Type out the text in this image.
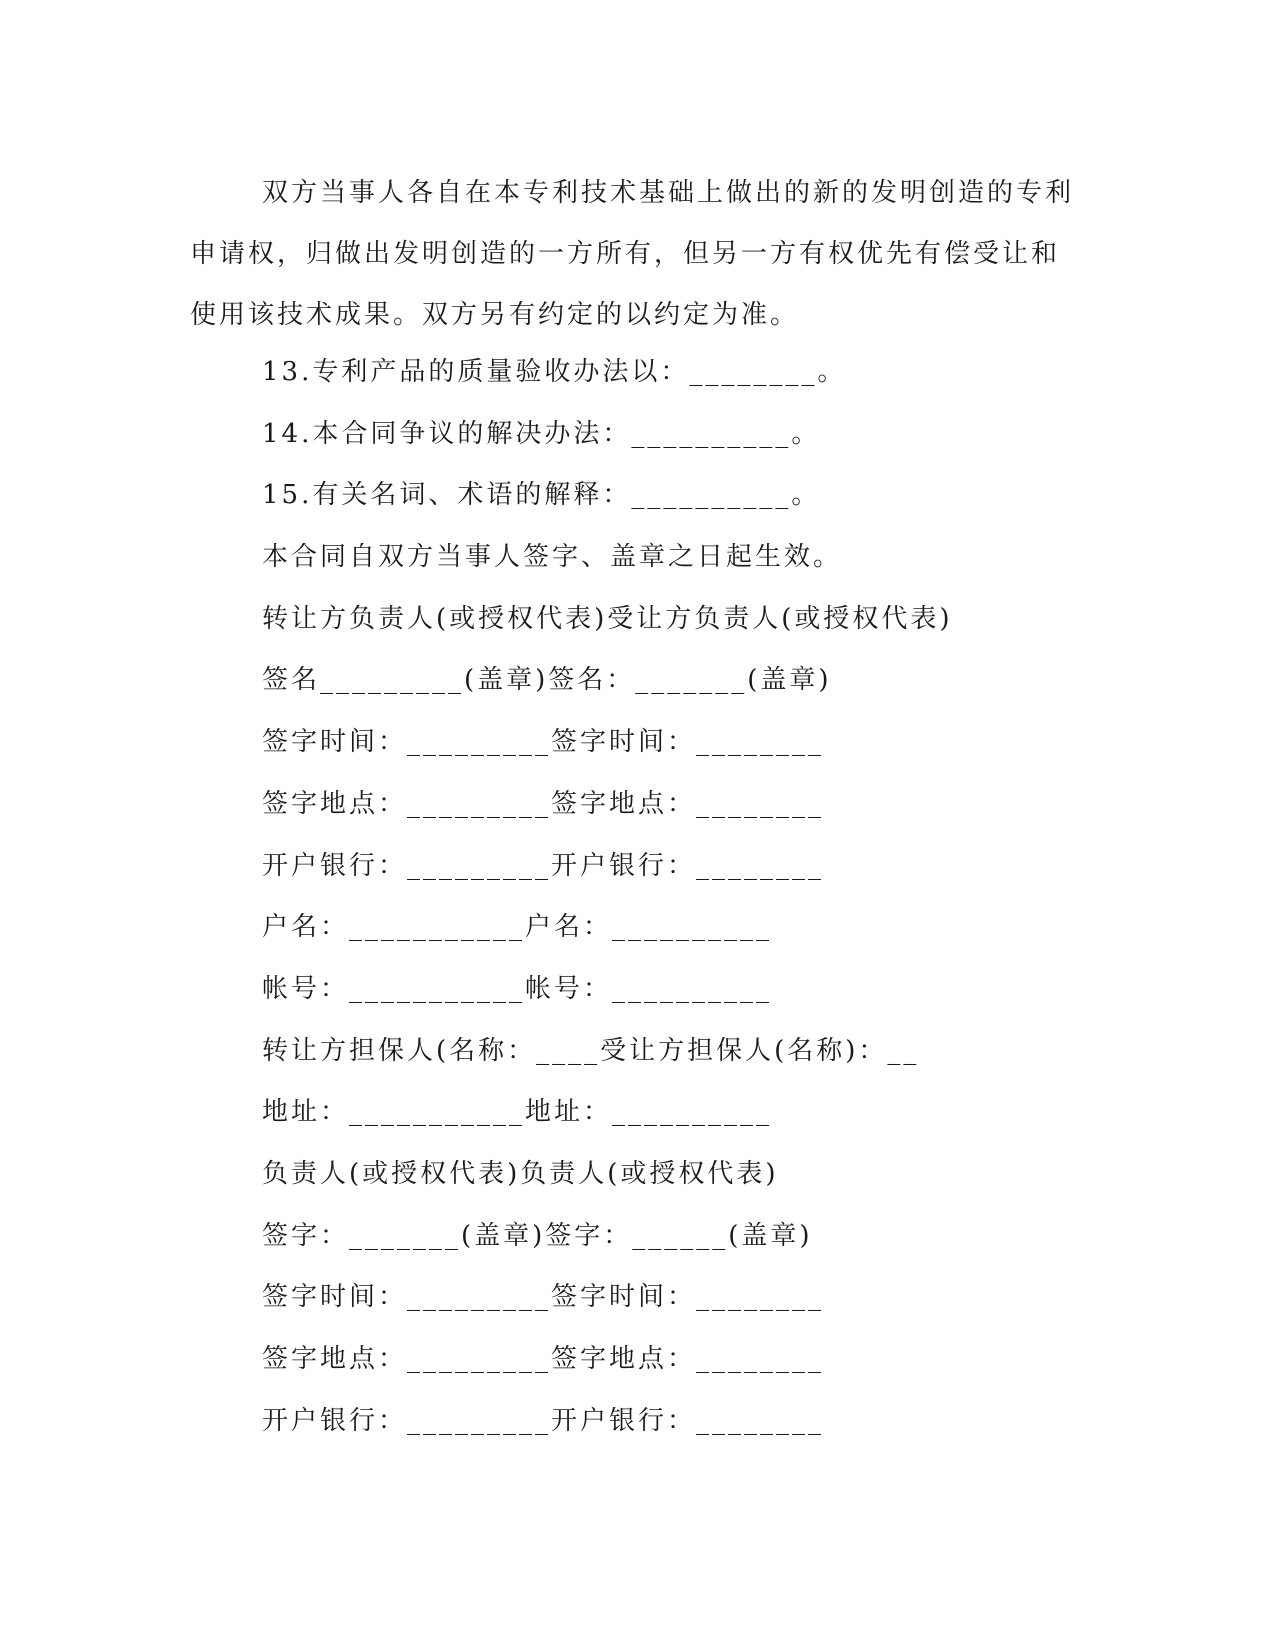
双方当事人各自在本专利技术基础上做出的新的发明创造的专利申请权，归做出发明创造的一方所有，但另一方有权优先有偿受让和使用该技术成果。双方另有约定的以约定为准。

13.专利产品的质量验收办法以：________。
14.本合同争议的解决办法：__________。
15.有关名词、术语的解释：__________。
本合同自双方当事人签字、盖章之日起生效。
转让方负责人(或授权代表)受让方负责人(或授权代表)
签名_________(盖章)签名：_______(盖章)
签字时间：_________签字时间：________
签字地点：_________签字地点：________
开户银行：_________开户银行：________
户名：___________户名：__________
帐号：___________帐号：__________
转让方担保人(名称：____受让方担保人(名称)：__
地址：___________地址：__________
负责人(或授权代表)负责人(或授权代表)
签字：_______(盖章)签字：______(盖章)
签字时间：_________签字时间：________
签字地点：_________签字地点：________
开户银行：_________开户银行：________
